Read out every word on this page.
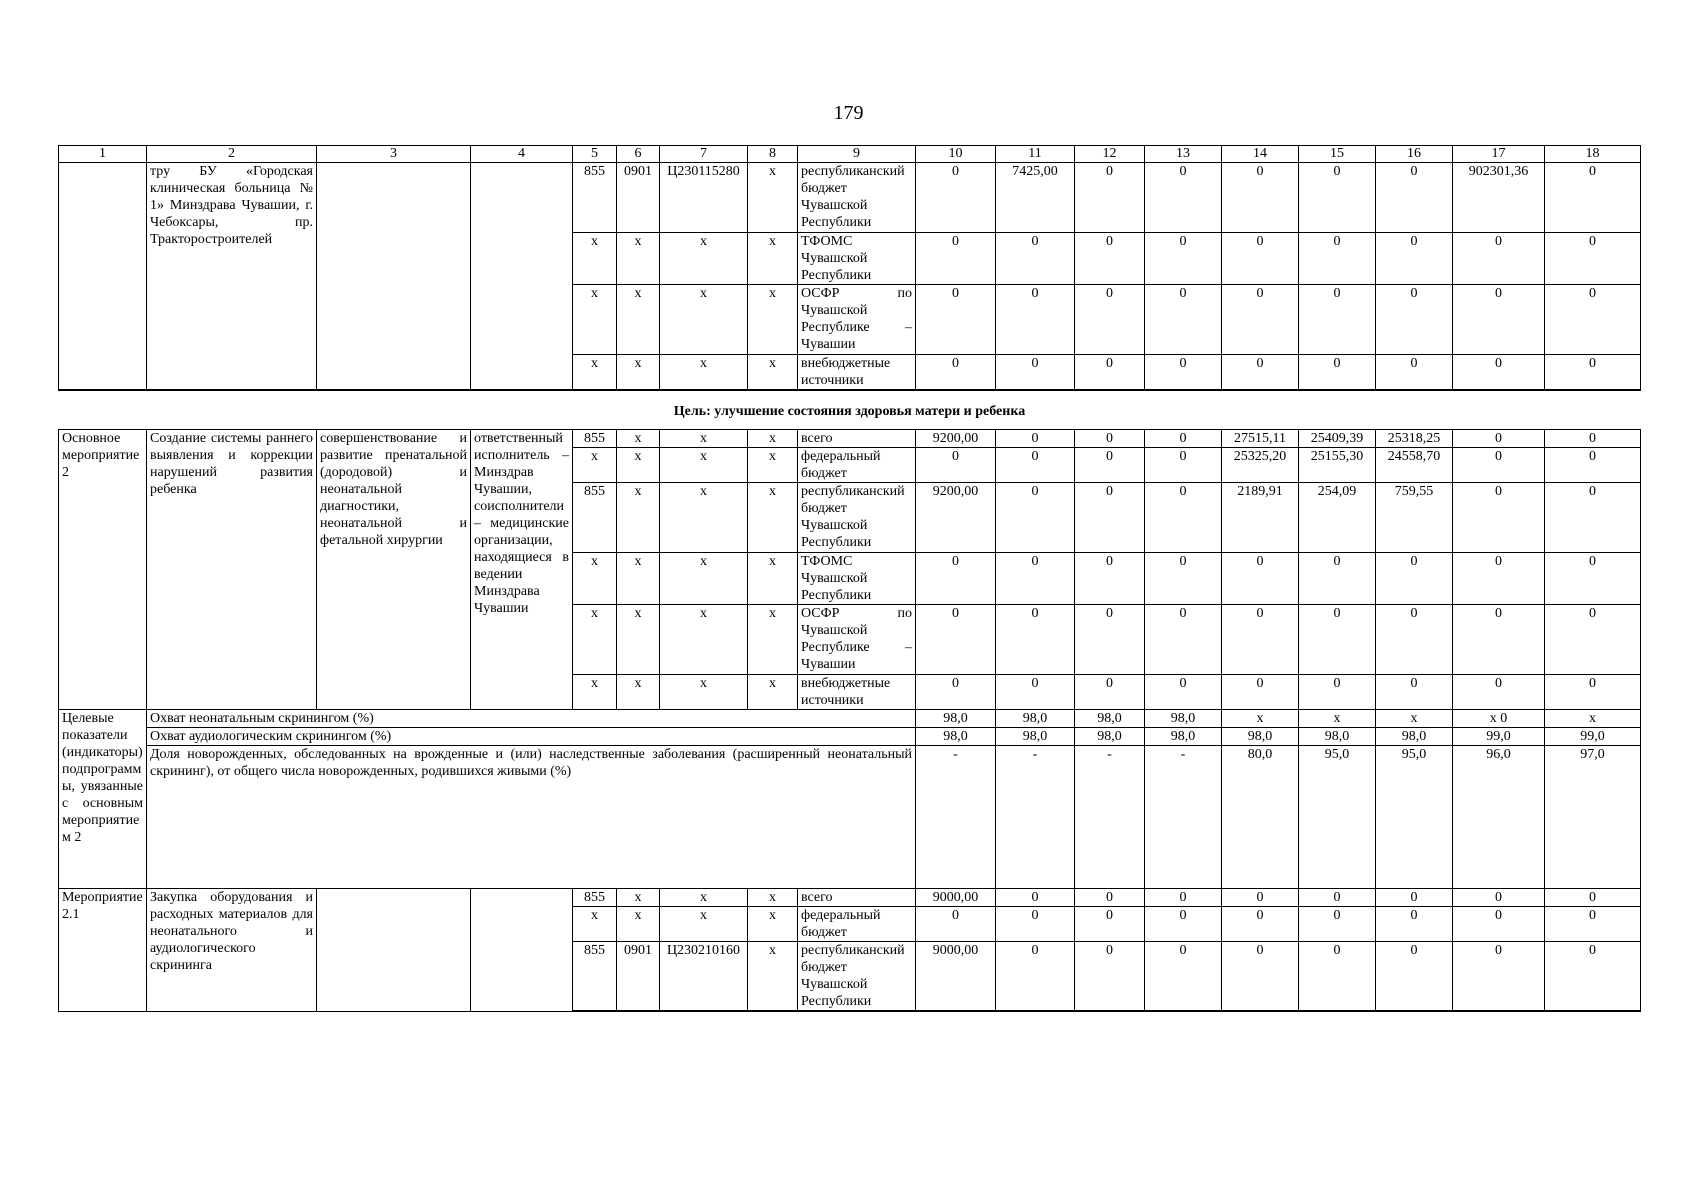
179
1	2	3	4	5	6	7	8	9	10	11	12	13	14	15	16	17	18
	тру БУ «Городская клиническая больница № 1» Минздрава Чувашии, г. Чебоксары, пр. Тракторостроителей			855	0901	Ц230115280	x	республиканский бюджет Чувашской Республики	0	7425,00	0	0	0	0	0	902301,36	0
				x	x	x	x	ТФОМС Чувашской Республики	0	0	0	0	0	0	0	0	0
				x	x	x	x	ОСФР по Чувашской Республике – Чувашии	0	0	0	0	0	0	0	0	0
				x	x	x	x	внебюджетные источники	0	0	0	0	0	0	0	0	0
Цель: улучшение состояния здоровья матери и ребенка																	
Основное мероприятие 2	Создание системы раннего выявления и коррекции нарушений развития ребенка	совершенствование и развитие пренатальной (дородовой) и неонатальной диагностики, неонатальной и фетальной хирургии	ответственный исполнитель – Минздрав Чувашии, соисполнители – медицинские организации, находящиеся в ведении Минздрава Чувашии	855	x	x	x	всего	9200,00	0	0	0	27515,11	25409,39	25318,25	0	0
				x	x	x	x	федеральный бюджет	0	0	0	0	25325,20	25155,30	24558,70	0	0
				855	x	x	x	республиканский бюджет Чувашской Республики	9200,00	0	0	0	2189,91	254,09	759,55	0	0
				x	x	x	x	ТФОМС Чувашской Республики	0	0	0	0	0	0	0	0	0
				x	x	x	x	ОСФР по Чувашской Республике – Чувашии	0	0	0	0	0	0	0	0	0
				x	x	x	x	внебюджетные источники	0	0	0	0	0	0	0	0	0
Целевые показатели (индикаторы) подпрограммы, увязанные с основным мероприятием 2	Охват неонатальным скринингом (%)								98,0	98,0	98,0	98,0	x	x	x	x 0	x
	Охват аудиологическим скринингом (%)								98,0	98,0	98,0	98,0	98,0	98,0	98,0	99,0	99,0
	Доля новорожденных, обследованных на врожденные и (или) наследственные заболевания (расширенный неонатальный скрининг), от общего числа новорожденных, родившихся живыми (%)								-	-	-	-	80,0	95,0	95,0	96,0	97,0
Мероприятие 2.1	Закупка оборудования и расходных материалов для неонатального и аудиологического скрининга			855	x	x	x	всего	9000,00	0	0	0	0	0	0	0	0
				x	x	x	x	федеральный бюджет	0	0	0	0	0	0	0	0	0
				855	0901	Ц230210160	x	республиканский бюджет Чувашской Республики	9000,00	0	0	0	0	0	0	0	0
